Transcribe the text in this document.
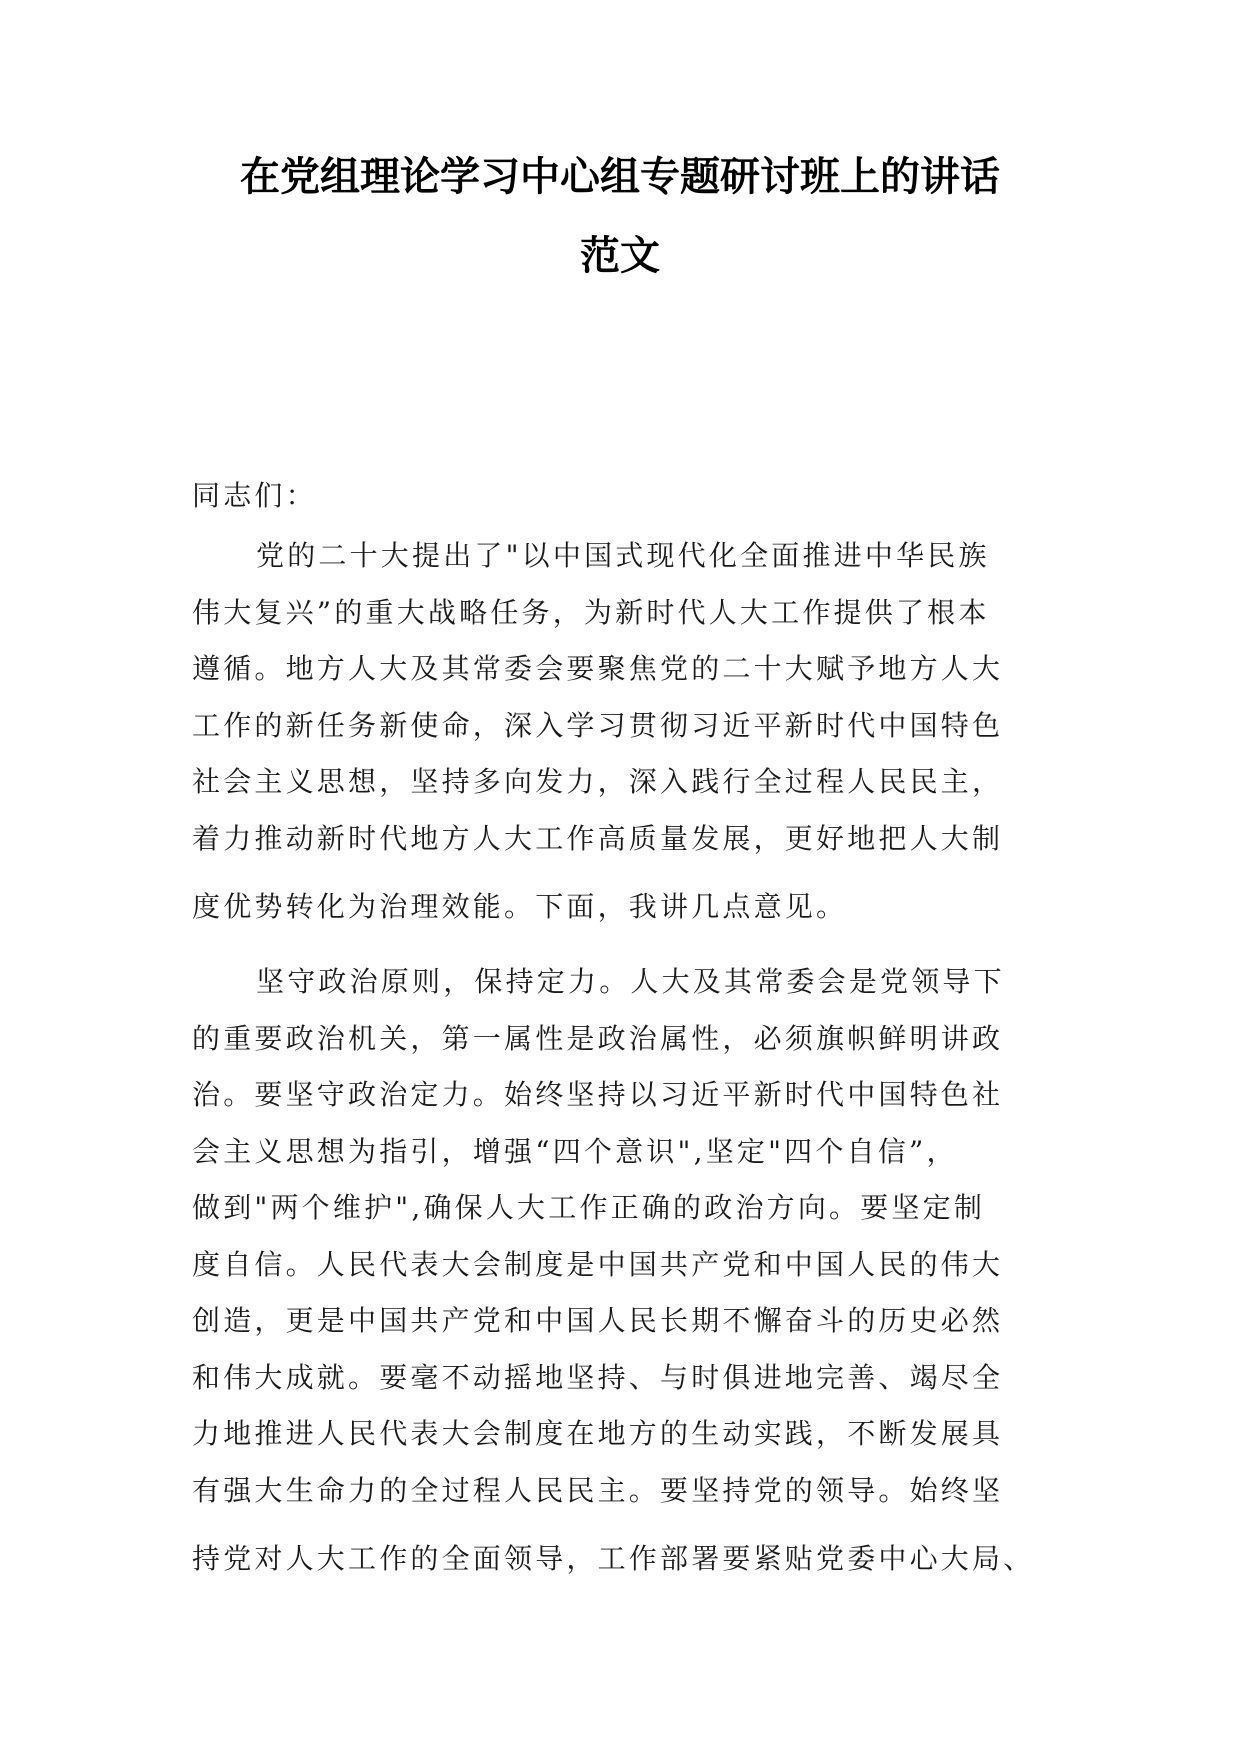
在党组理论学习中心组专题研讨班上的讲话
范文
同志们：
党的二十大提出了"以中国式现代化全面推进中华民族
伟大复兴”的重大战略任务，为新时代人大工作提供了根本
遵循。地方人大及其常委会要聚焦党的二十大赋予地方人大
工作的新任务新使命，深入学习贯彻习近平新时代中国特色
社会主义思想，坚持多向发力，深入践行全过程人民民主，
着力推动新时代地方人大工作高质量发展，更好地把人大制
度优势转化为治理效能。下面，我讲几点意见。
坚守政治原则，保持定力。人大及其常委会是党领导下
的重要政治机关，第一属性是政治属性，必须旗帜鲜明讲政
治。要坚守政治定力。始终坚持以习近平新时代中国特色社
会主义思想为指引，增强“四个意识",坚定"四个自信”，
做到"两个维护",确保人大工作正确的政治方向。要坚定制
度自信。人民代表大会制度是中国共产党和中国人民的伟大
创造，更是中国共产党和中国人民长期不懈奋斗的历史必然
和伟大成就。要毫不动摇地坚持、与时俱进地完善、竭尽全
力地推进人民代表大会制度在地方的生动实践，不断发展具
有强大生命力的全过程人民民主。要坚持党的领导。始终坚
持党对人大工作的全面领导，工作部署要紧贴党委中心大局、
